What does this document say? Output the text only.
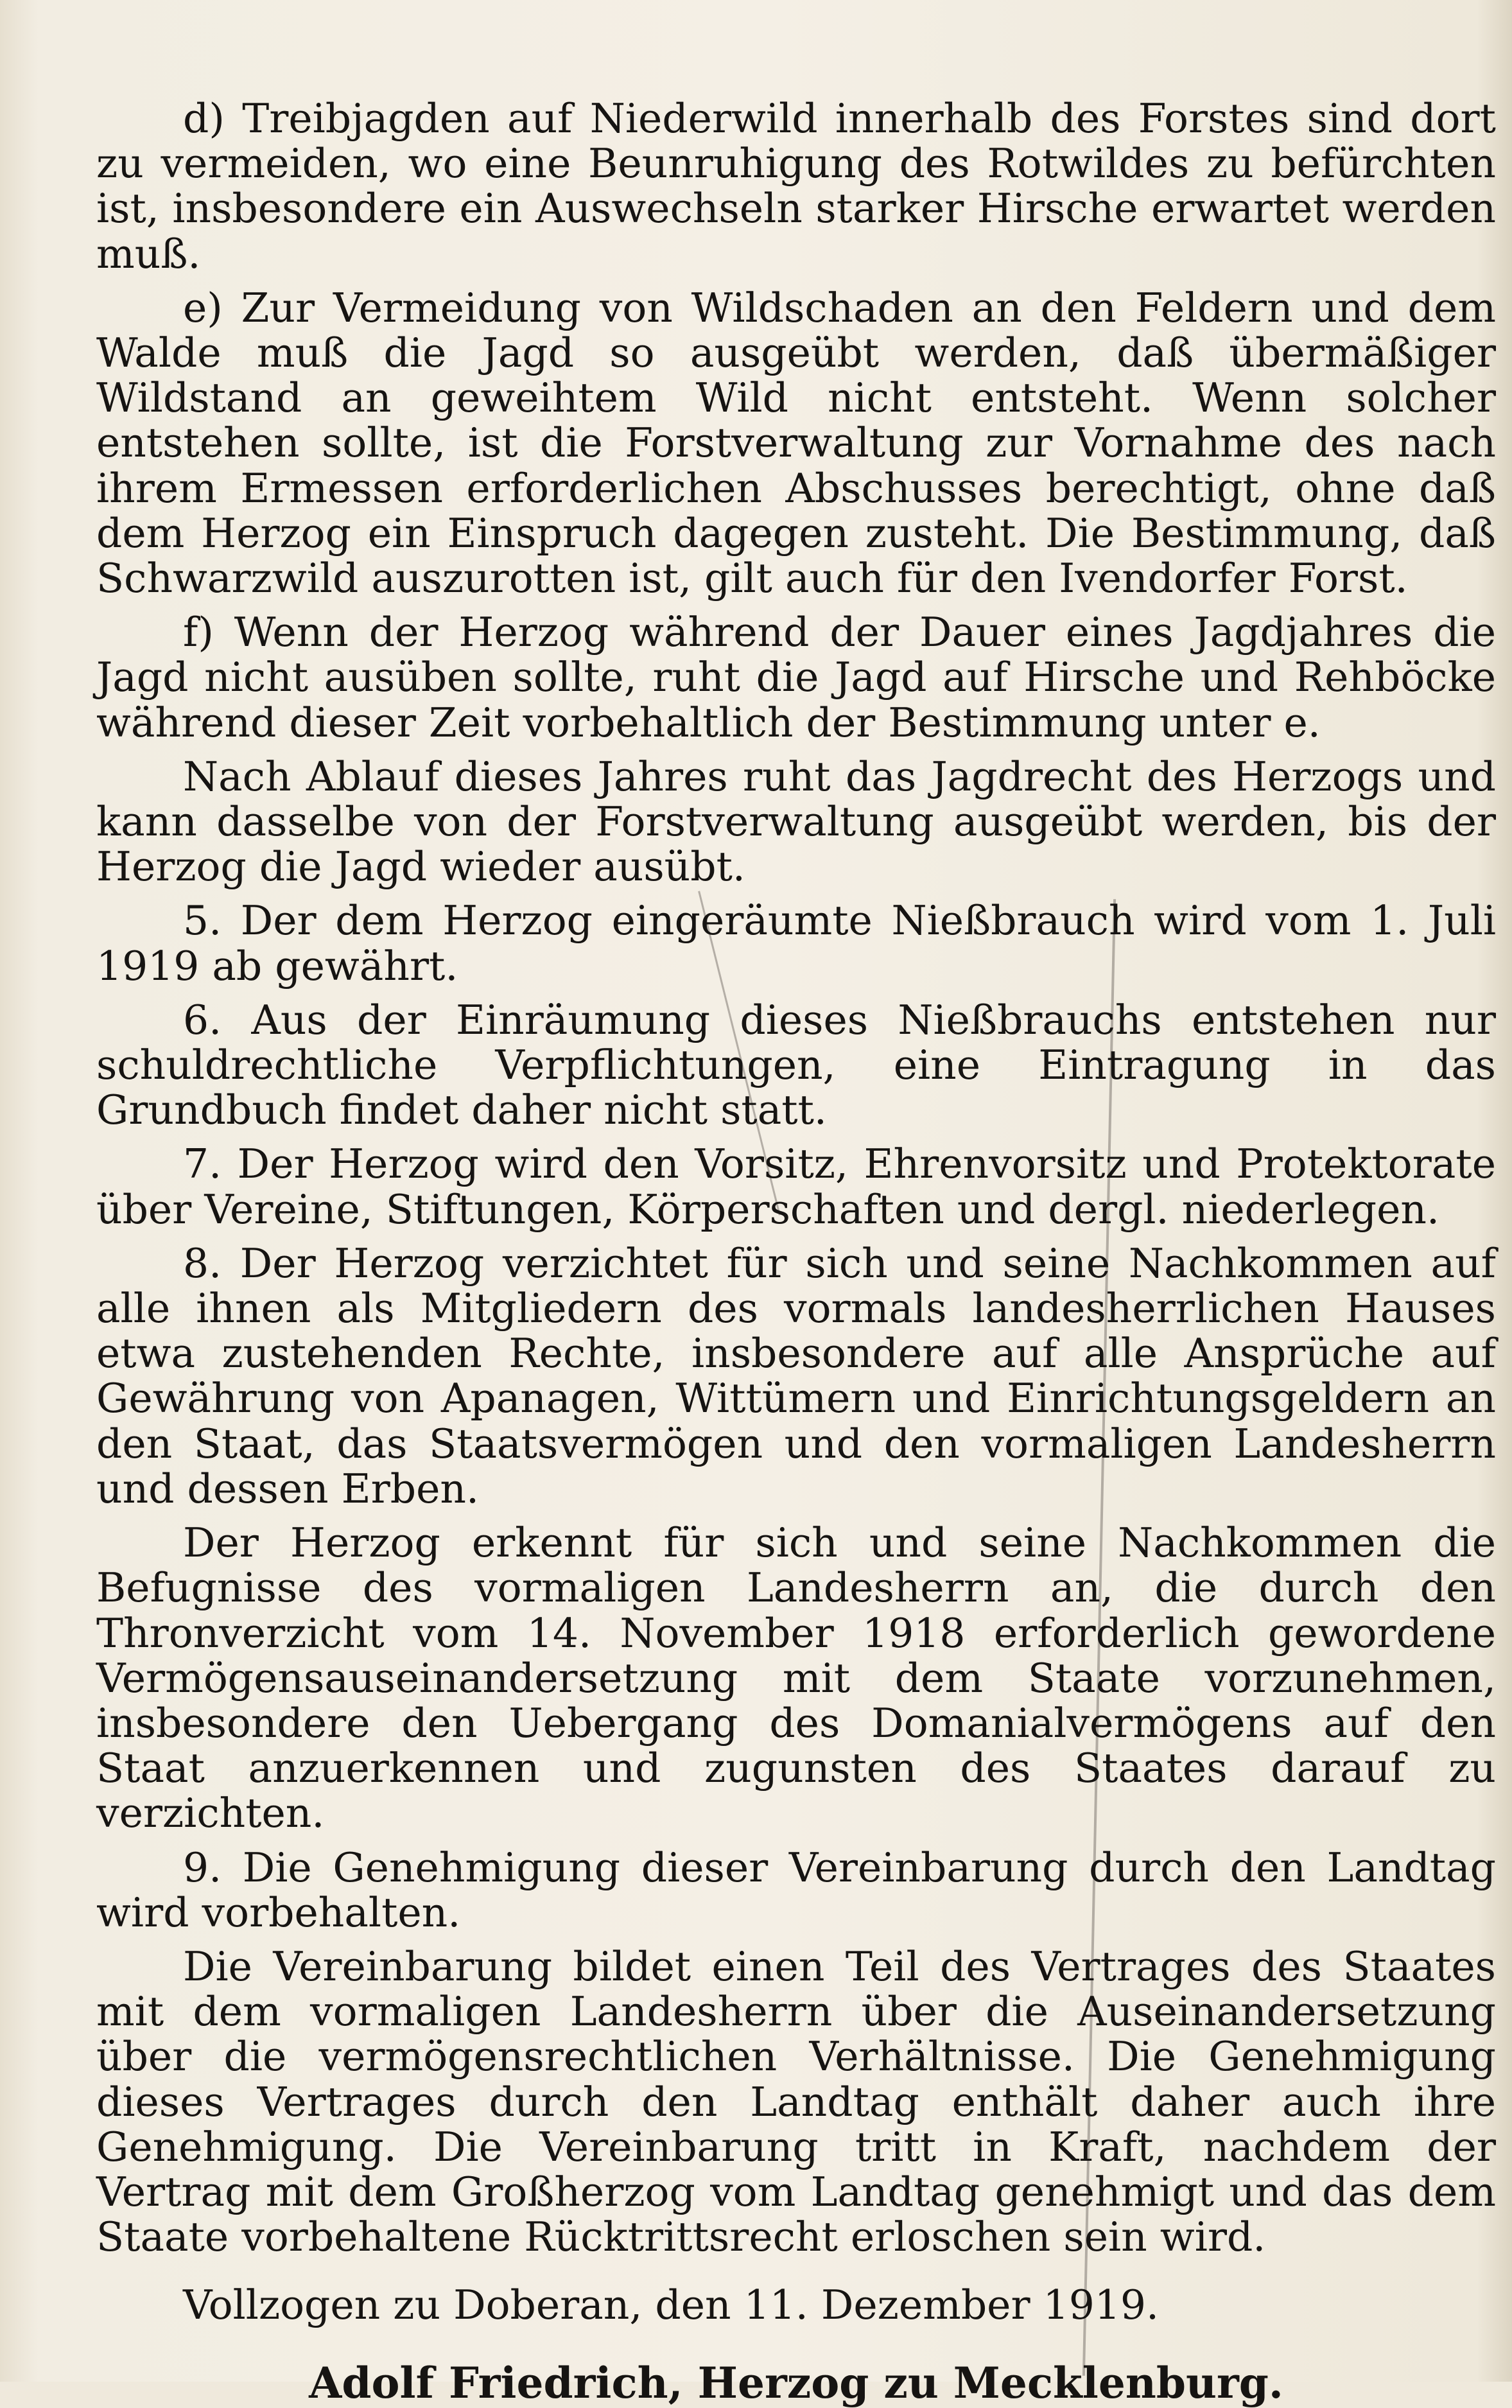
d) Treibjagden auf Niederwild innerhalb des Forstes sind dort zu vermeiden, wo eine Beunruhigung des Rotwildes zu befürchten ist, insbesondere ein Auswechseln starker Hirsche erwartet werden muß.

e) Zur Vermeidung von Wildschaden an den Feldern und dem Walde muß die Jagd so ausgeübt werden, daß übermäßiger Wildstand an geweihtem Wild nicht entsteht. Wenn solcher entstehen sollte, ist die Forstverwaltung zur Vornahme des nach ihrem Ermessen erforderlichen Abschusses berechtigt, ohne daß dem Herzog ein Einspruch dagegen zusteht. Die Bestimmung, daß Schwarzwild auszurotten ist, gilt auch für den Ivendorfer Forst.

f) Wenn der Herzog während der Dauer eines Jagdjahres die Jagd nicht ausüben sollte, ruht die Jagd auf Hirsche und Rehböcke während dieser Zeit vorbehaltlich der Bestimmung unter e.

Nach Ablauf dieses Jahres ruht das Jagdrecht des Herzogs und kann dasselbe von der Forstverwaltung ausgeübt werden, bis der Herzog die Jagd wieder ausübt.

5. Der dem Herzog eingeräumte Nießbrauch wird vom 1. Juli 1919 ab gewährt.

6. Aus der Einräumung dieses Nießbrauchs entstehen nur schuldrechtliche Verpflichtungen, eine Eintragung in das Grundbuch findet daher nicht statt.

7. Der Herzog wird den Vorsitz, Ehrenvorsitz und Protektorate über Vereine, Stiftungen, Körperschaften und dergl. niederlegen.

8. Der Herzog verzichtet für sich und seine Nachkommen auf alle ihnen als Mitgliedern des vormals landesherrlichen Hauses etwa zustehenden Rechte, insbesondere auf alle Ansprüche auf Gewährung von Apanagen, Wittümern und Einrichtungsgeldern an den Staat, das Staatsvermögen und den vormaligen Landesherrn und dessen Erben.

Der Herzog erkennt für sich und seine Nachkommen die Befugnisse des vormaligen Landesherrn an, die durch den Thronverzicht vom 14. November 1918 erforderlich gewordene Vermögensauseinandersetzung mit dem Staate vorzunehmen, insbesondere den Uebergang des Domanialvermögens auf den Staat anzuerkennen und zugunsten des Staates darauf zu verzichten.

9. Die Genehmigung dieser Vereinbarung durch den Landtag wird vorbehalten.

Die Vereinbarung bildet einen Teil des Vertrages des Staates mit dem vormaligen Landesherrn über die Auseinandersetzung über die vermögensrechtlichen Verhältnisse. Die Genehmigung dieses Vertrages durch den Landtag enthält daher auch ihre Genehmigung. Die Vereinbarung tritt in Kraft, nachdem der Vertrag mit dem Großherzog vom Landtag genehmigt und das dem Staate vorbehaltene Rücktrittsrecht erloschen sein wird.

Vollzogen zu Doberan, den 11. Dezember 1919.

Adolf Friedrich, Herzog zu Mecklenburg.
